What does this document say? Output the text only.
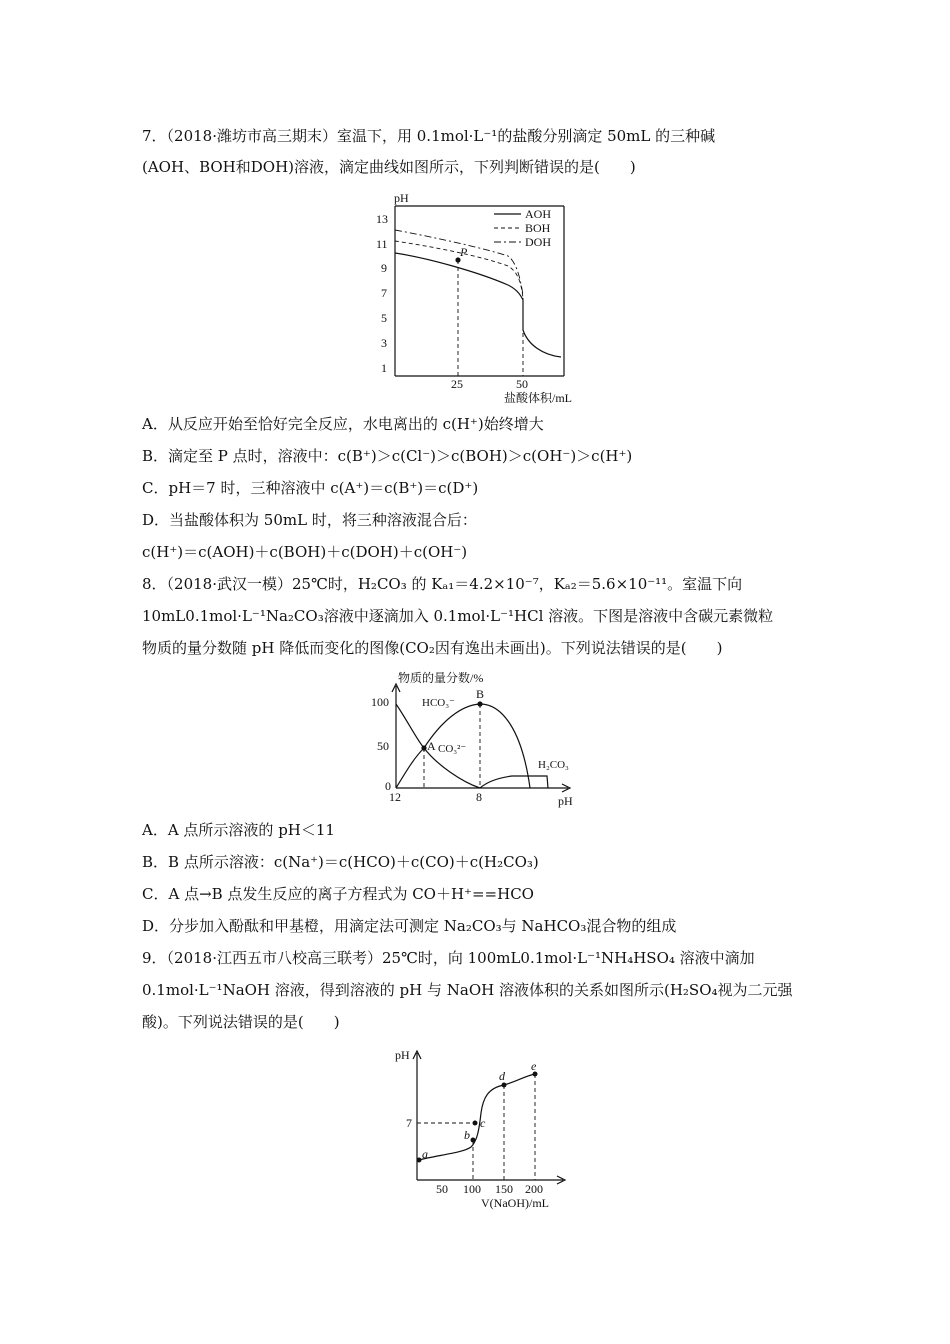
7．（2018·潍坊市高三期末）室温下，用 0.1mol·L⁻¹的盐酸分别滴定 50mL 的三种碱
(AOH、BOH和DOH)溶液，滴定曲线如图所示，下列判断错误的是(　　)
pH
13
11
9
7
5
3
1
P
AOH
BOH
DOH
25	50
盐酸体积/mL
A．从反应开始至恰好完全反应，水电离出的 c(H⁺)始终增大
B．滴定至 P 点时，溶液中：c(B⁺)＞c(Cl⁻)＞c(BOH)＞c(OH⁻)＞c(H⁺)
C．pH＝7 时，三种溶液中 c(A⁺)＝c(B⁺)＝c(D⁺)
D．当盐酸体积为 50mL 时，将三种溶液混合后：
c(H⁺)＝c(AOH)＋c(BOH)＋c(DOH)＋c(OH⁻)
8．（2018·武汉一模）25℃时，H₂CO₃ 的 Kₐ₁＝4.2×10⁻⁷，Kₐ₂＝5.6×10⁻¹¹。室温下向
10mL0.1mol·L⁻¹Na₂CO₃溶液中逐滴加入 0.1mol·L⁻¹HCl 溶液。下图是溶液中含碳元素微粒
物质的量分数随 pH 降低而变化的图像(CO₂因有逸出未画出)。下列说法错误的是(　　)
物质的量分数/%
100
50
0
A
B
HCO₃⁻
CO₃²⁻
H₂CO₃
12	8	pH
A．A 点所示溶液的 pH＜11
B．B 点所示溶液：c(Na⁺)＝c(HCO)＋c(CO)＋c(H₂CO₃)
C．A 点→B 点发生反应的离子方程式为 CO＋H⁺==HCO
D．分步加入酚酞和甲基橙，用滴定法可测定 Na₂CO₃与 NaHCO₃混合物的组成
9．（2018·江西五市八校高三联考）25℃时，向 100mL0.1mol·L⁻¹NH₄HSO₄ 溶液中滴加
0.1mol·L⁻¹NaOH 溶液，得到溶液的 pH 与 NaOH 溶液体积的关系如图所示(H₂SO₄视为二元强
酸)。下列说法错误的是(　　)
pH
7
a
b
c
d
e
50 100 150 200
V(NaOH)/mL
